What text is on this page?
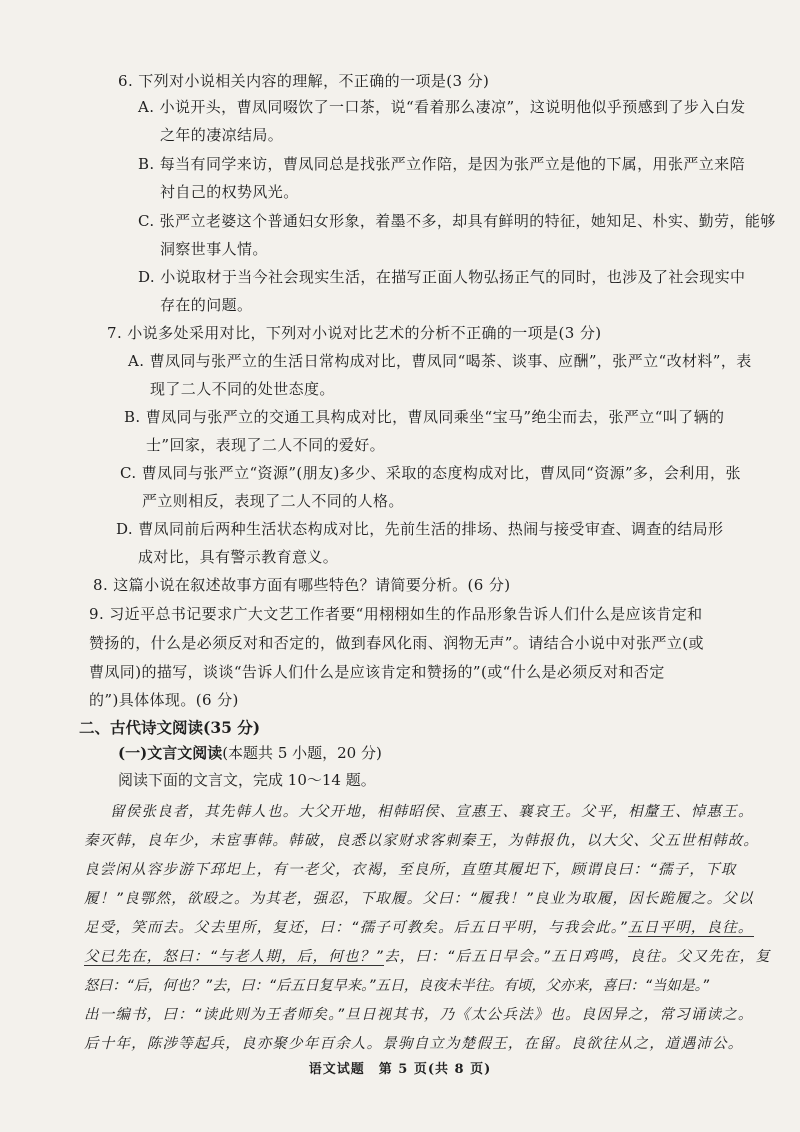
6. 下列对小说相关内容的理解，不正确的一项是(3 分)
A. 小说开头，曹凤同啜饮了一口茶，说“看着那么凄凉”，这说明他似乎预感到了步入白发
之年的凄凉结局。
B. 每当有同学来访，曹凤同总是找张严立作陪，是因为张严立是他的下属，用张严立来陪
衬自己的权势风光。
C. 张严立老婆这个普通妇女形象，着墨不多，却具有鲜明的特征，她知足、朴实、勤劳，能够
洞察世事人情。
D. 小说取材于当今社会现实生活，在描写正面人物弘扬正气的同时，也涉及了社会现实中
存在的问题。
7. 小说多处采用对比，下列对小说对比艺术的分析不正确的一项是(3 分)
A. 曹凤同与张严立的生活日常构成对比，曹凤同“喝茶、谈事、应酬”，张严立“改材料”，表
现了二人不同的处世态度。
B. 曹凤同与张严立的交通工具构成对比，曹凤同乘坐“宝马”绝尘而去，张严立“叫了辆的
士”回家，表现了二人不同的爱好。
C. 曹凤同与张严立“资源”(朋友)多少、采取的态度构成对比，曹凤同“资源”多，会利用，张
严立则相反，表现了二人不同的人格。
D. 曹凤同前后两种生活状态构成对比，先前生活的排场、热闹与接受审查、调查的结局形
成对比，具有警示教育意义。
8. 这篇小说在叙述故事方面有哪些特色？请简要分析。(6 分)
9. 习近平总书记要求广大文艺工作者要“用栩栩如生的作品形象告诉人们什么是应该肯定和
赞扬的，什么是必须反对和否定的，做到春风化雨、润物无声”。请结合小说中对张严立(或
曹凤同)的描写，谈谈“告诉人们什么是应该肯定和赞扬的”(或“什么是必须反对和否定
的”)具体体现。(6 分)
二、古代诗文阅读(35 分)
(一)文言文阅读(本题共 5 小题，20 分)
阅读下面的文言文，完成 10～14 题。
留侯张良者，其先韩人也。大父开地，相韩昭侯、宣惠王、襄哀王。父平，相釐王、悼惠王。
秦灭韩，良年少，未宦事韩。韩破，良悉以家财求客刺秦王，为韩报仇，以大父、父五世相韩故。
良尝闲从容步游下邳圯上，有一老父，衣褐，至良所，直堕其履圯下，顾谓良曰：“孺子，下取
履！”良鄂然，欲殴之。为其老，强忍，下取履。父曰：“履我！”良业为取履，因长跪履之。父以
足受，笑而去。父去里所，复还，曰：“孺子可教矣。后五日平明，与我会此。”五日平明，良往。
父已先在，怒曰：“与老人期，后，何也？”去，曰：“后五日早会。”五日鸡鸣，良往。父又先在，复
怒曰：“后，何也？”去，曰：“后五日复早来。”五日，良夜未半往。有顷，父亦来，喜曰：“当如是。”
出一编书，曰：“读此则为王者师矣。”旦日视其书，乃《太公兵法》也。良因异之，常习诵读之。
后十年，陈涉等起兵，良亦聚少年百余人。景驹自立为楚假王，在留。良欲往从之，道遇沛公。
语文试题　第 5 页(共 8 页)
